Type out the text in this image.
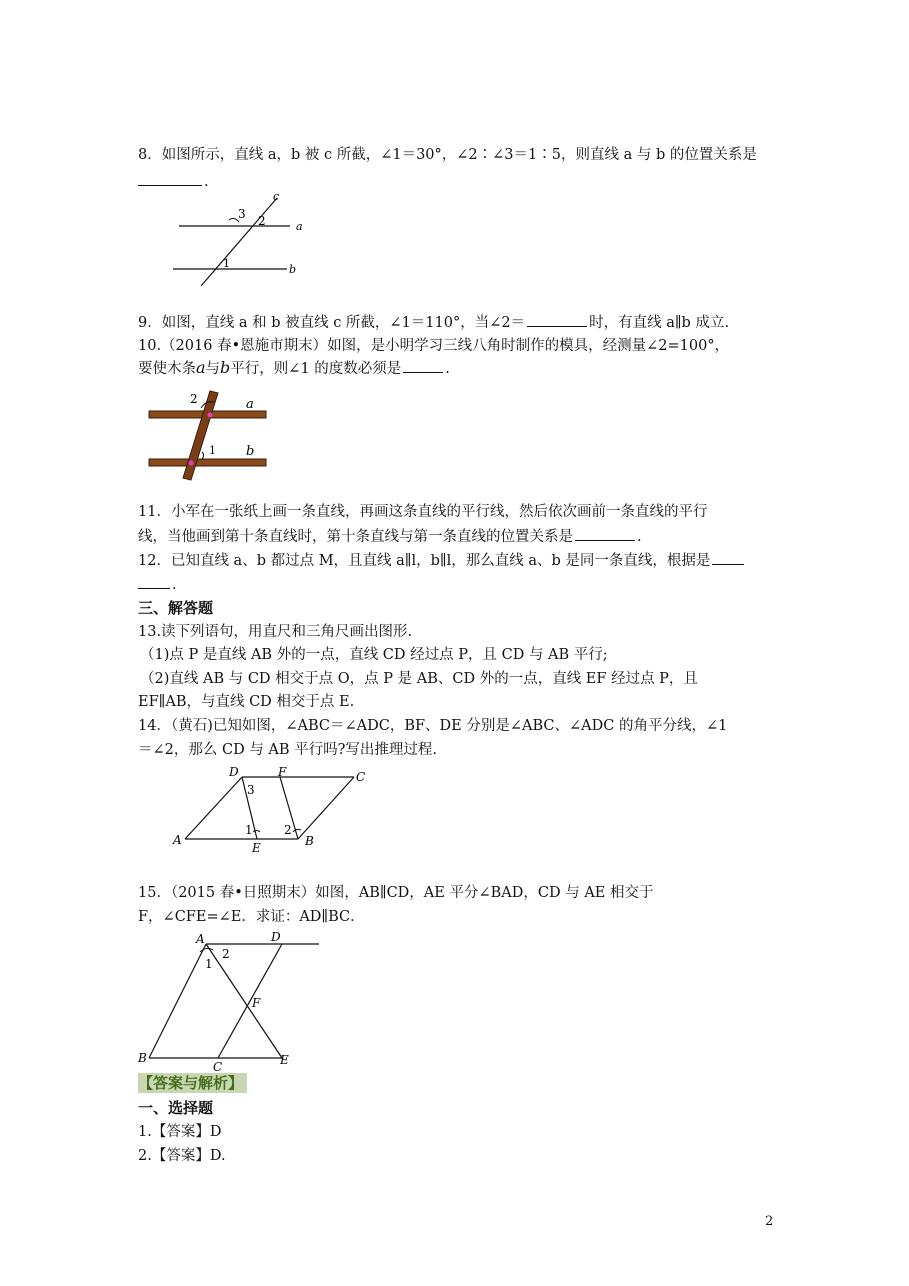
8．如图所示，直线 a，b 被 c 所截，∠1＝30°，∠2∶∠3＝1∶5，则直线 a 与 b 的位置关系是
.
c
a
b
3 2
1
9．如图，直线 a 和 b 被直线 c 所截，∠1＝110°，当∠2＝	时，有直线 a∥b 成立.
10.（2016 春•恩施市期末）如图，是小明学习三线八角时制作的模具，经测量∠2=100°，
要使木条a与b平行，则∠1 的度数必须是	.
2	a
1 b
11．小军在一张纸上画一条直线，再画这条直线的平行线，然后依次画前一条直线的平行
线，当他画到第十条直线时，第十条直线与第一条直线的位置关系是	.
12．已知直线 a、b 都过点 M，且直线 a∥l，b∥l，那么直线 a、b 是同一条直线，根据是
.
三、解答题
13.读下列语句，用直尺和三角尺画出图形.
（1)点 P 是直线 AB 外的一点，直线 CD 经过点 P，且 CD 与 AB 平行;
（2)直线 AB 与 CD 相交于点 O，点 P 是 AB、CD 外的一点，直线 EF 经过点 P，且
EF∥AB，与直线 CD 相交于点 E.
14．（黄石)已知如图，∠ABC＝∠ADC，BF、DE 分别是∠ABC、∠ADC 的角平分线，∠1
＝∠2，那么 CD 与 AB 平行吗?写出推理过程.
D	F	C
A
E	B
3
1	2
15．（2015 春•日照期末）如图，AB∥CD，AE 平分∠BAD，CD 与 AE 相交于
F，∠CFE=∠E．求证：AD∥BC．
A	D
1
2
F
B
C	E
【答案与解析】
一、选择题
1.【答案】D
2.【答案】D.
2
